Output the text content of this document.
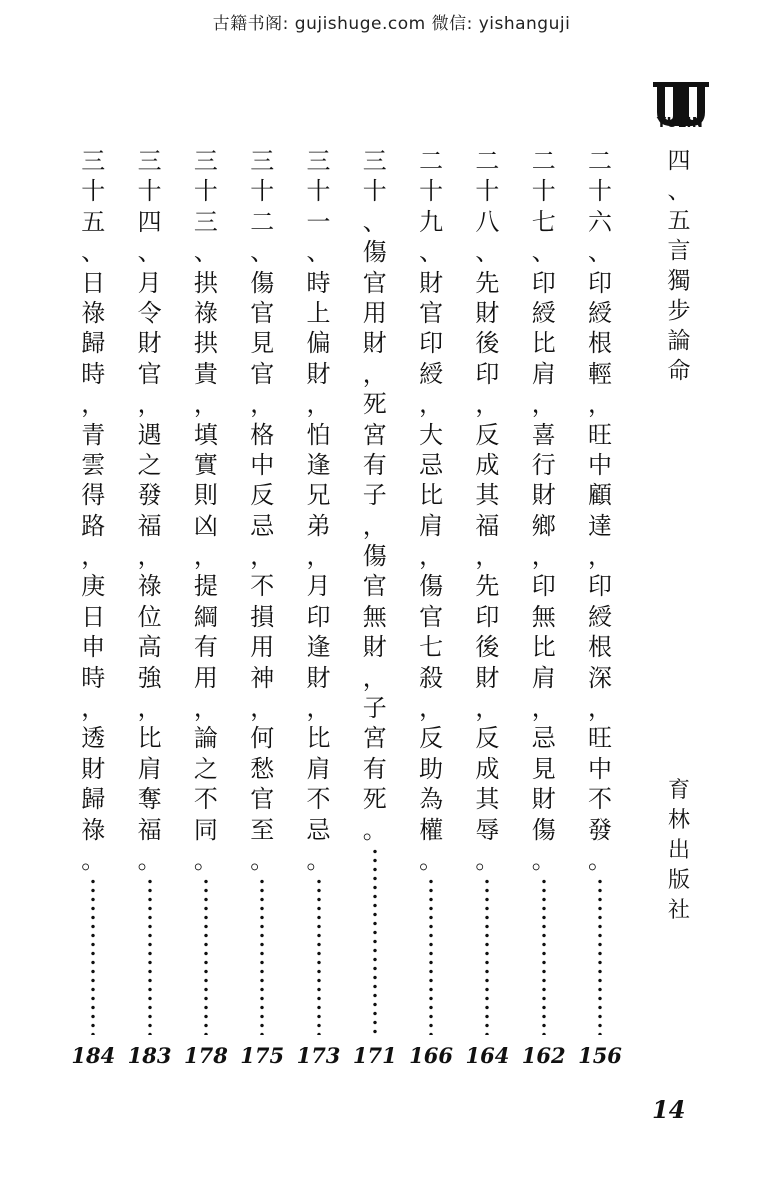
古籍书阁: gujishuge.com 微信: yishanguji
YULIN
四
、
五
言
獨
步
論
命
育
林
出
版
社
二
十
六
、
印
綬
根
輕
，
旺
中
顧
達
，
印
綬
根
深
，
旺
中
不
發
。
156
二
十
七
、
印
綬
比
肩
，
喜
行
財
鄉
，
印
無
比
肩
，
忌
見
財
傷
。
162
二
十
八
、
先
財
後
印
，
反
成
其
福
，
先
印
後
財
，
反
成
其
辱
。
164
二
十
九
、
財
官
印
綬
，
大
忌
比
肩
，
傷
官
七
殺
，
反
助
為
權
。
166
三
十
、
傷
官
用
財
，
死
宮
有
子
，
傷
官
無
財
，
子
宮
有
死
。
171
三
十
一
、
時
上
偏
財
，
怕
逢
兄
弟
，
月
印
逢
財
，
比
肩
不
忌
。
173
三
十
二
、
傷
官
見
官
，
格
中
反
忌
，
不
損
用
神
，
何
愁
官
至
。
175
三
十
三
、
拱
祿
拱
貴
，
填
實
則
凶
，
提
綱
有
用
，
論
之
不
同
。
178
三
十
四
、
月
令
財
官
，
遇
之
發
福
，
祿
位
高
強
，
比
肩
奪
福
。
183
三
十
五
、
日
祿
歸
時
，
青
雲
得
路
，
庚
日
申
時
，
透
財
歸
祿
。
184
14
